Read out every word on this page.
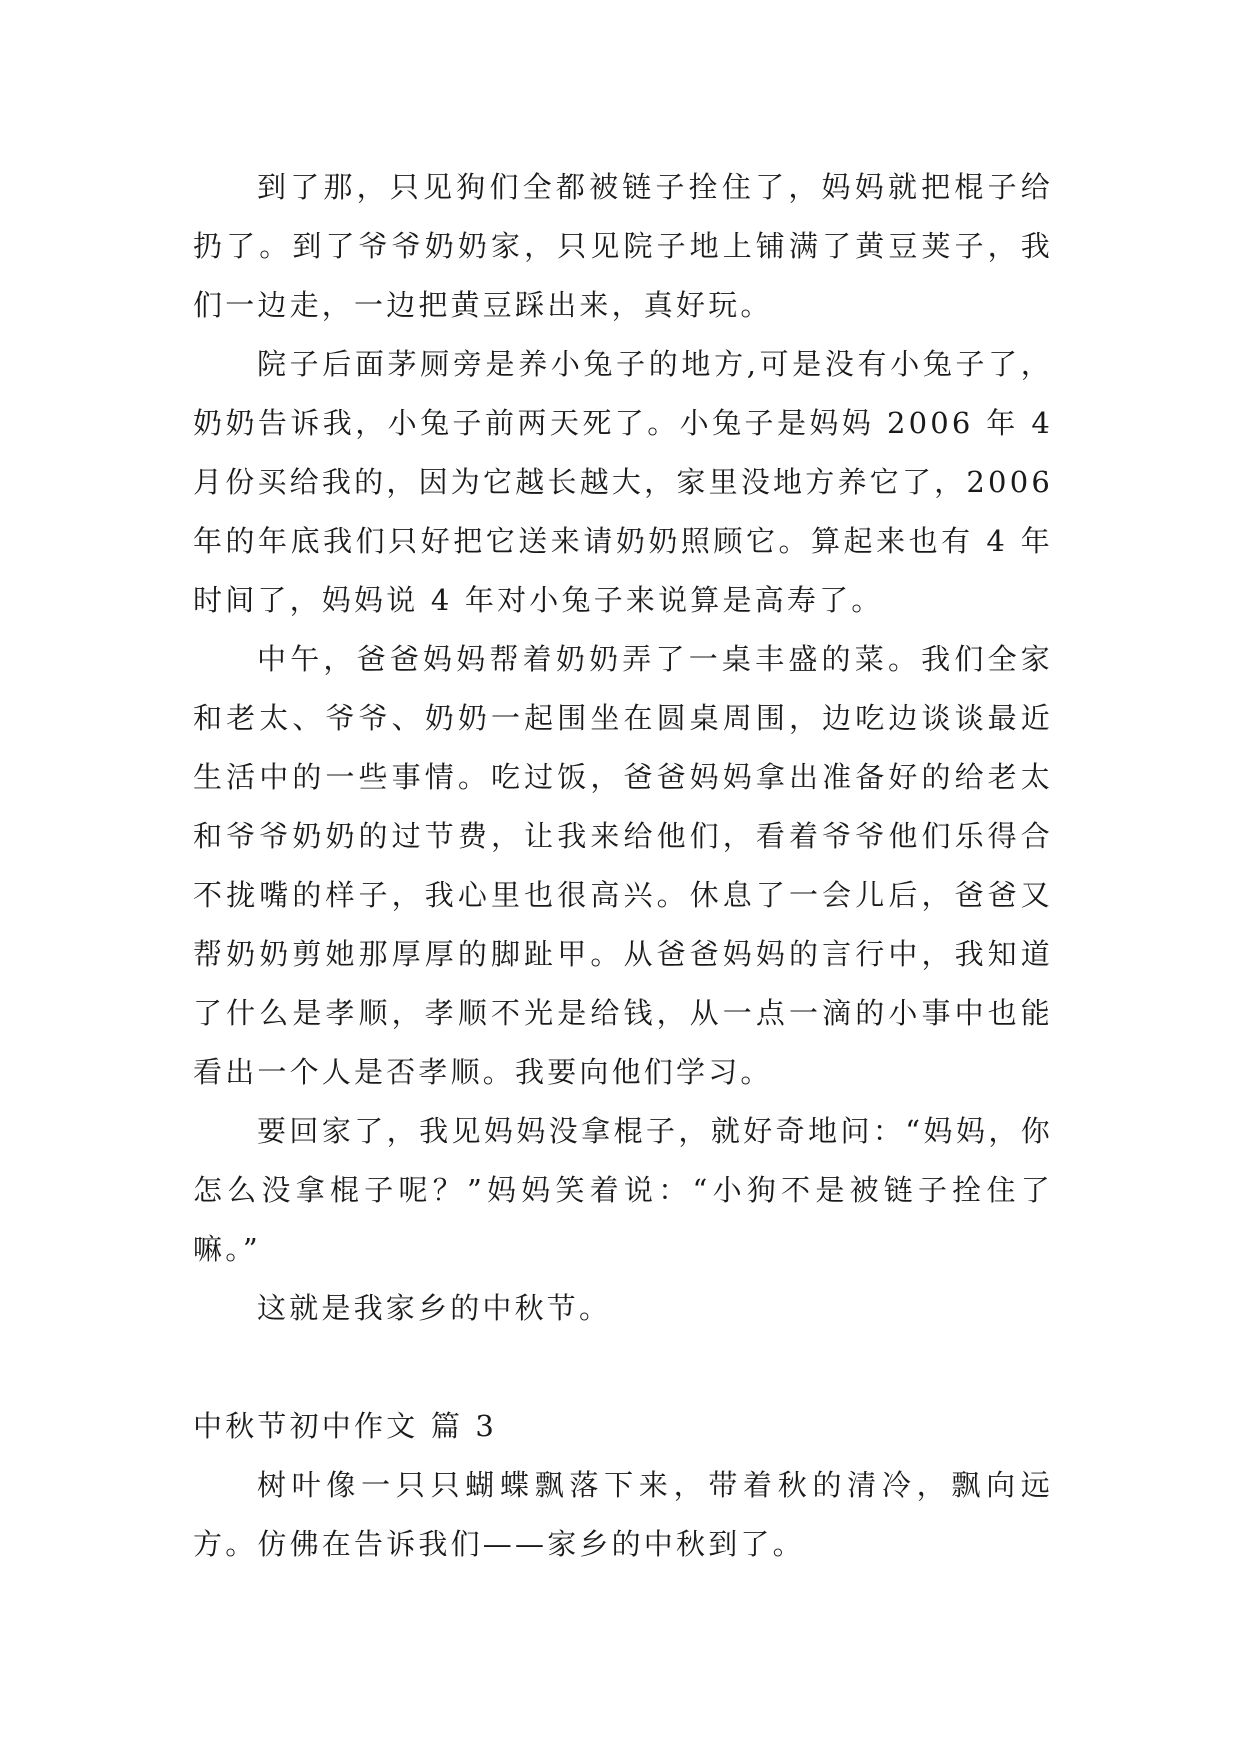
到了那，只见狗们全都被链子拴住了，妈妈就把棍子给扔了。到了爷爷奶奶家，只见院子地上铺满了黄豆荚子，我们一边走，一边把黄豆踩出来，真好玩。

院子后面茅厕旁是养小兔子的地方,可是没有小兔子了，奶奶告诉我，小兔子前两天死了。小兔子是妈妈 2006 年 4 月份买给我的，因为它越长越大，家里没地方养它了，2006 年的年底我们只好把它送来请奶奶照顾它。算起来也有 4 年时间了，妈妈说 4 年对小兔子来说算是高寿了。

中午，爸爸妈妈帮着奶奶弄了一桌丰盛的菜。我们全家和老太、爷爷、奶奶一起围坐在圆桌周围，边吃边谈谈最近生活中的一些事情。吃过饭，爸爸妈妈拿出准备好的给老太和爷爷奶奶的过节费，让我来给他们，看着爷爷他们乐得合不拢嘴的样子，我心里也很高兴。休息了一会儿后，爸爸又帮奶奶剪她那厚厚的脚趾甲。从爸爸妈妈的言行中，我知道了什么是孝顺，孝顺不光是给钱，从一点一滴的小事中也能看出一个人是否孝顺。我要向他们学习。

要回家了，我见妈妈没拿棍子，就好奇地问：“妈妈，你怎么没拿棍子呢？”妈妈笑着说：“小狗不是被链子拴住了嘛。”

这就是我家乡的中秋节。

中秋节初中作文 篇 3

树叶像一只只蝴蝶飘落下来，带着秋的清冷，飘向远方。仿佛在告诉我们——家乡的中秋到了。
